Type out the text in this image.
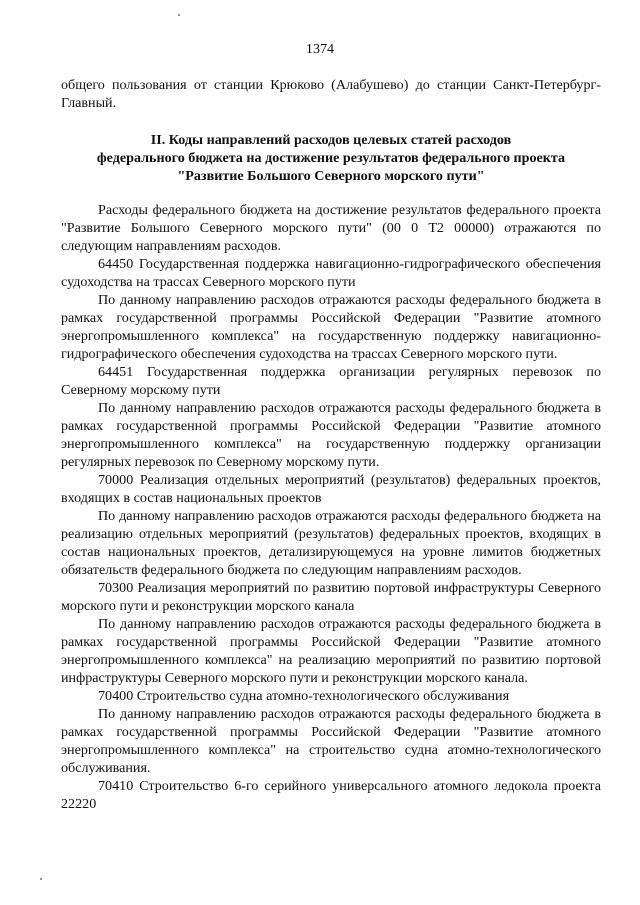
1374

общего пользования от станции Крюково (Алабушево) до станции Санкт-Петербург-Главный.

II. Коды направлений расходов целевых статей расходов
федерального бюджета на достижение результатов федерального проекта
"Развитие Большого Северного морского пути"

Расходы федерального бюджета на достижение результатов федерального проекта "Развитие Большого Северного морского пути" (00 0 Т2 00000) отражаются по следующим направлениям расходов.

64450 Государственная поддержка навигационно-гидрографического обеспечения судоходства на трассах Северного морского пути

По данному направлению расходов отражаются расходы федерального бюджета в рамках государственной программы Российской Федерации "Развитие атомного энергопромышленного комплекса" на государственную поддержку навигационно-гидрографического обеспечения судоходства на трассах Северного морского пути.

64451 Государственная поддержка организации регулярных перевозок по Северному морскому пути

По данному направлению расходов отражаются расходы федерального бюджета в рамках государственной программы Российской Федерации "Развитие атомного энергопромышленного комплекса" на государственную поддержку организации регулярных перевозок по Северному морскому пути.

70000 Реализация отдельных мероприятий (результатов) федеральных проектов, входящих в состав национальных проектов

По данному направлению расходов отражаются расходы федерального бюджета на реализацию отдельных мероприятий (результатов) федеральных проектов, входящих в состав национальных проектов, детализирующемуся на уровне лимитов бюджетных обязательств федерального бюджета по следующим направлениям расходов.

70300 Реализация мероприятий по развитию портовой инфраструктуры Северного морского пути и реконструкции морского канала

По данному направлению расходов отражаются расходы федерального бюджета в рамках государственной программы Российской Федерации "Развитие атомного энергопромышленного комплекса" на реализацию мероприятий по развитию портовой инфраструктуры Северного морского пути и реконструкции морского канала.

70400 Строительство судна атомно-технологического обслуживания

По данному направлению расходов отражаются расходы федерального бюджета в рамках государственной программы Российской Федерации "Развитие атомного энергопромышленного комплекса" на строительство судна атомно-технологического обслуживания.

70410 Строительство 6-го серийного универсального атомного ледокола проекта 22220
